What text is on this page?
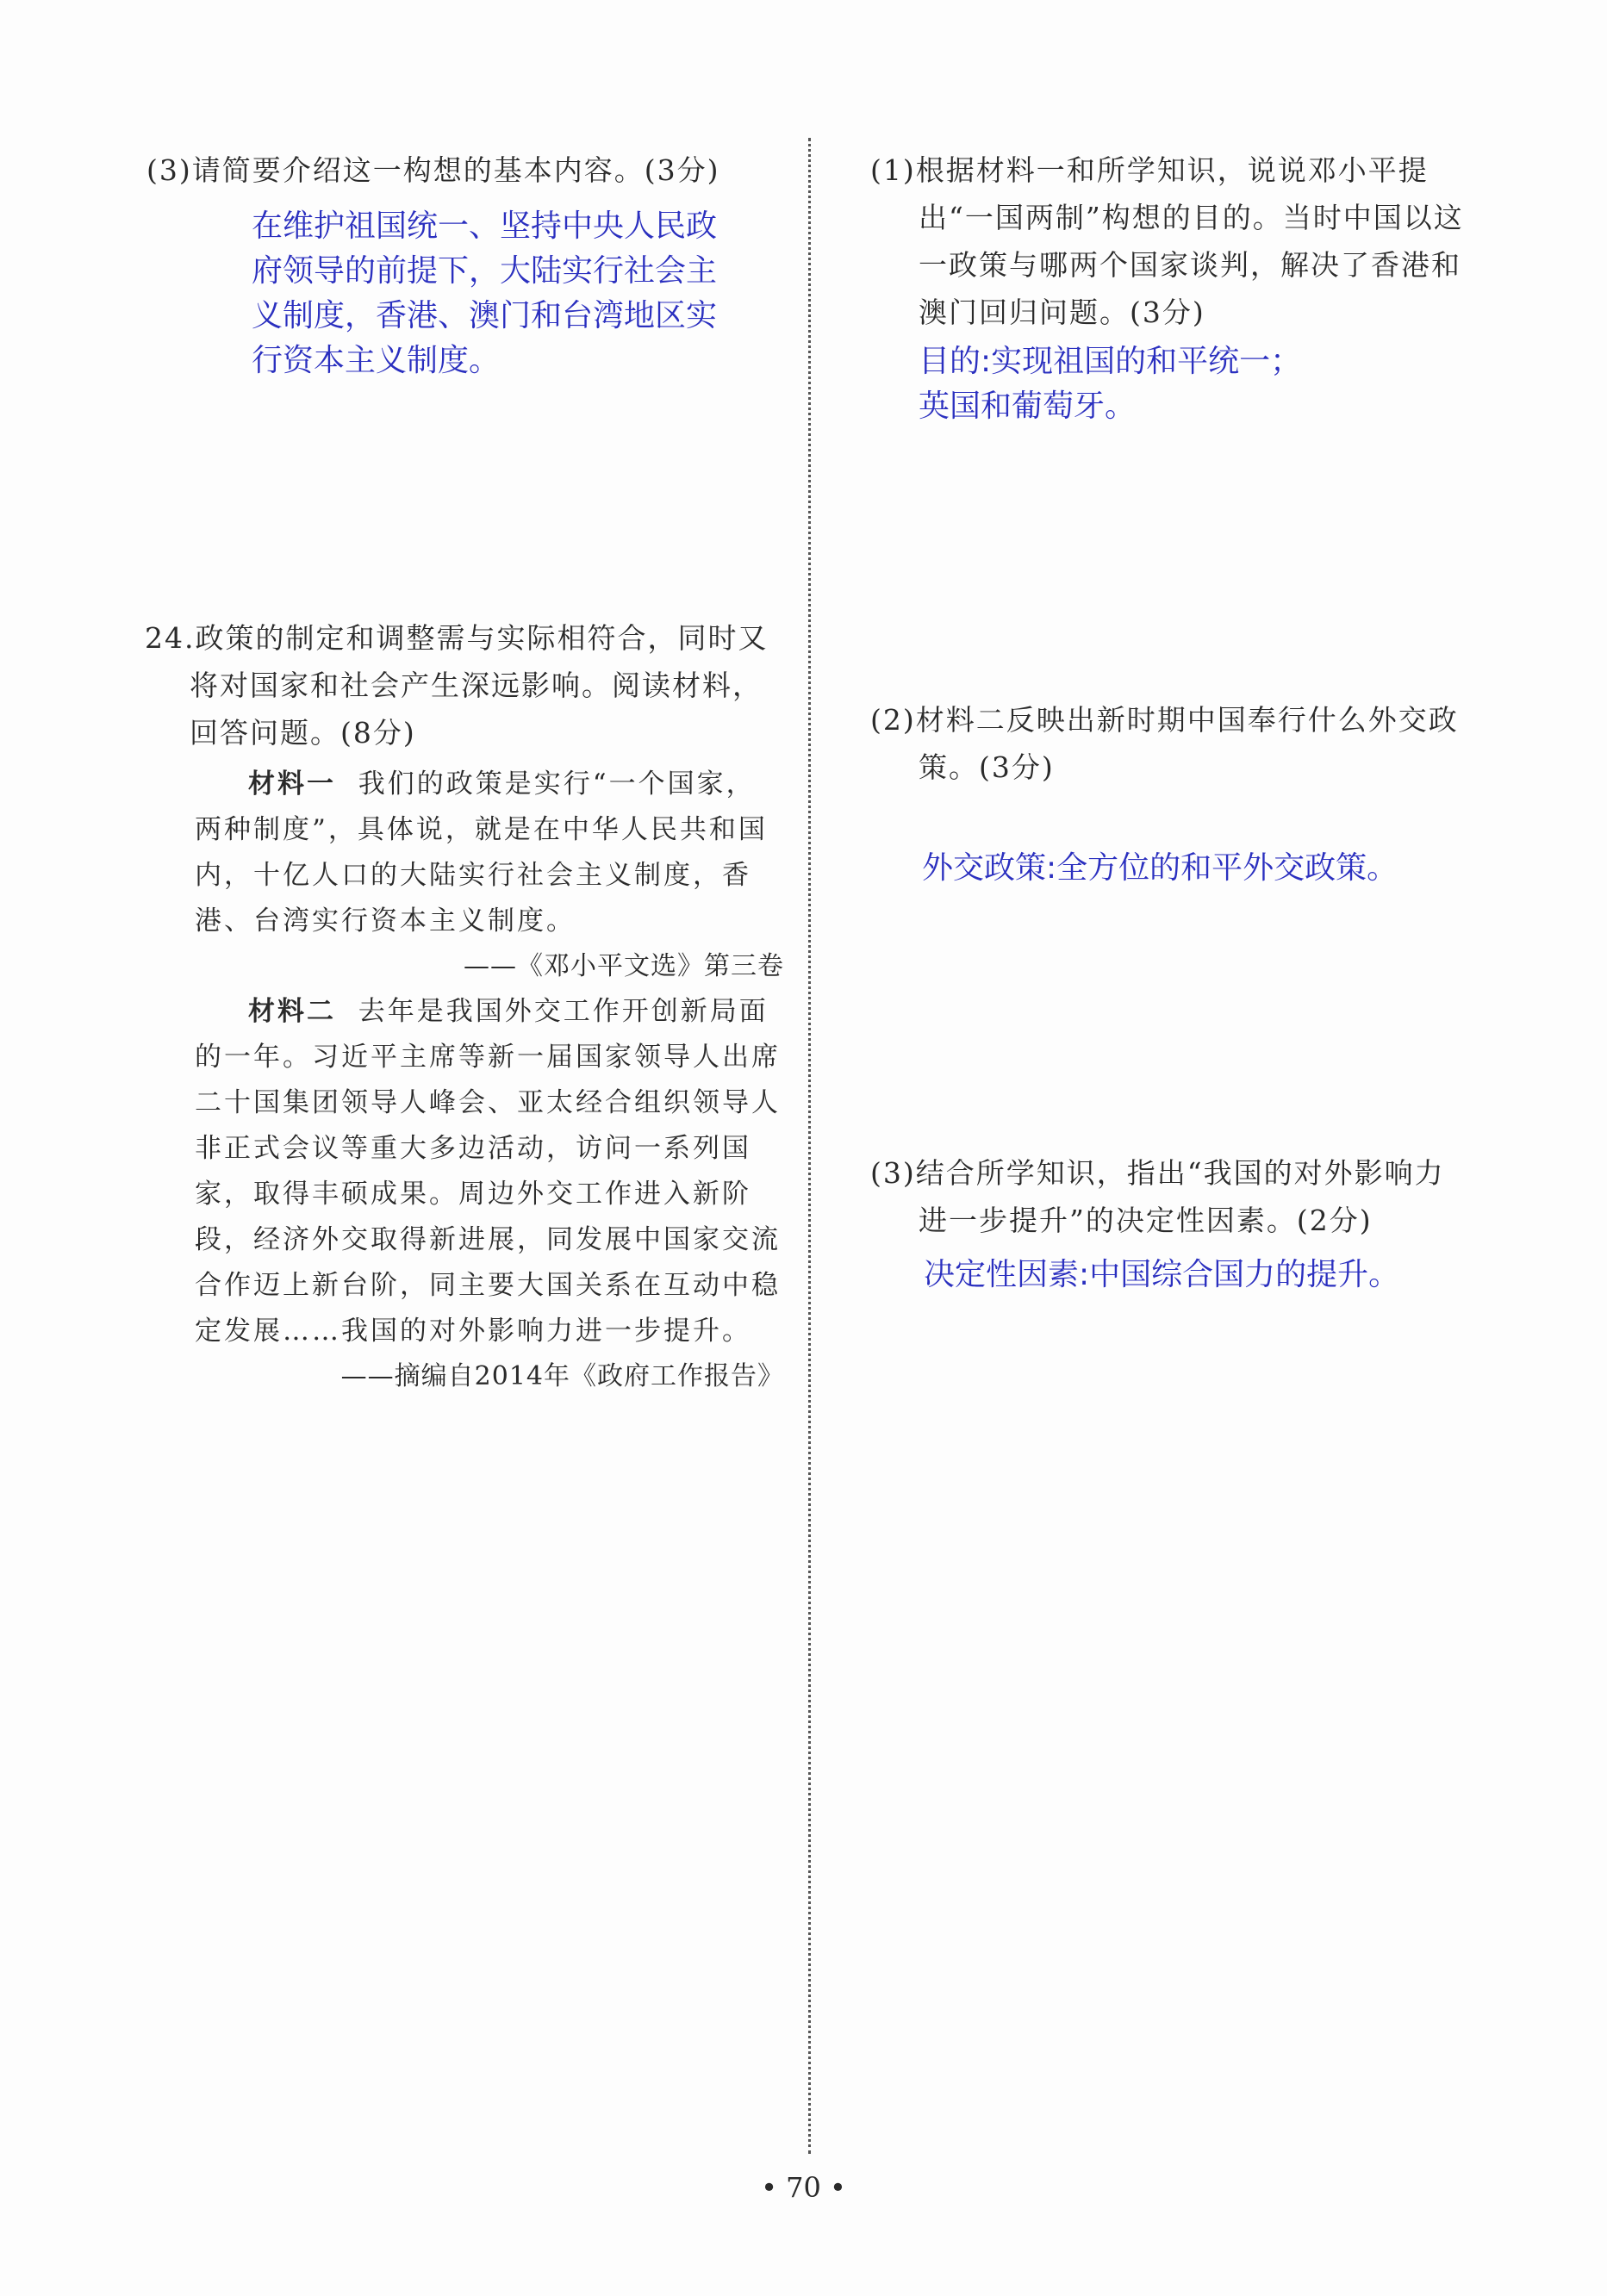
(3)请简要介绍这一构想的基本内容。(3分)
在维护祖国统一、坚持中央人民政府领导的前提下，大陆实行社会主义制度，香港、澳门和台湾地区实行资本主义制度。
24.政策的制定和调整需与实际相符合，同时又将对国家和社会产生深远影响。阅读材料，回答问题。(8分)
材料一 我们的政策是实行“一个国家，两种制度”，具体说，就是在中华人民共和国内，十亿人口的大陆实行社会主义制度，香港、台湾实行资本主义制度。
——《邓小平文选》第三卷
材料二 去年是我国外交工作开创新局面的一年。习近平主席等新一届国家领导人出席二十国集团领导人峰会、亚太经合组织领导人非正式会议等重大多边活动，访问一系列国家，取得丰硕成果。周边外交工作进入新阶段，经济外交取得新进展，同发展中国家交流合作迈上新台阶，同主要大国关系在互动中稳定发展……我国的对外影响力进一步提升。
——摘编自2014年《政府工作报告》
(1)根据材料一和所学知识，说说邓小平提出“一国两制”构想的目的。当时中国以这一政策与哪两个国家谈判，解决了香港和澳门回归问题。(3分)
目的:实现祖国的和平统一；
英国和葡萄牙。
(2)材料二反映出新时期中国奉行什么外交政策。(3分)
外交政策:全方位的和平外交政策。
(3)结合所学知识，指出“我国的对外影响力进一步提升”的决定性因素。(2分)
决定性因素:中国综合国力的提升。
• 70 •
